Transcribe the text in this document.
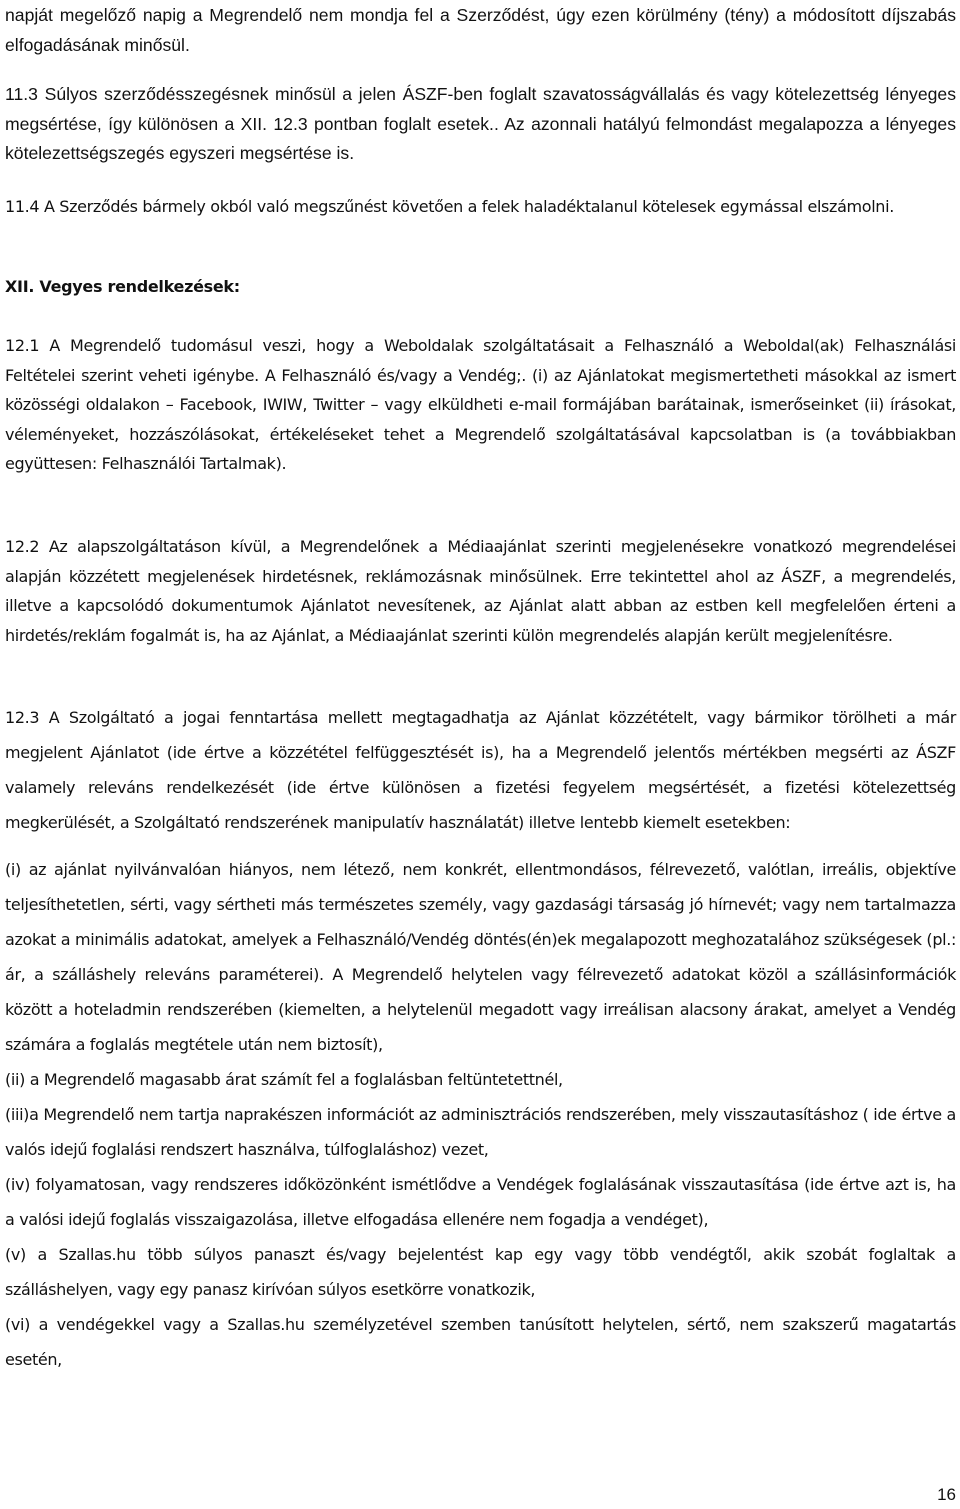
napját megelőző napig a Megrendelő nem mondja fel a Szerződést, úgy ezen körülmény (tény) a módosított díjszabás elfogadásának minősül.

11.3 Súlyos szerződésszegésnek minősül a jelen ÁSZF-ben foglalt szavatosságvállalás és vagy kötelezettség lényeges megsértése, így különösen a XII. 12.3 pontban foglalt esetek.. Az azonnali hatályú felmondást megalapozza a lényeges kötelezettségszegés egyszeri megsértése is.

11.4 A Szerződés bármely okból való megszűnést követően a felek haladéktalanul kötelesek egymással elszámolni.

XII. Vegyes rendelkezések:

12.1 A Megrendelő tudomásul veszi, hogy a Weboldalak szolgáltatásait a Felhasználó a Weboldal(ak) Felhasználási Feltételei szerint veheti igénybe. A Felhasználó és/vagy a Vendég;. (i) az Ajánlatokat megismertetheti másokkal az ismert közösségi oldalakon – Facebook, IWIW, Twitter – vagy elküldheti e-mail formájában barátainak, ismerőseinket (ii) írásokat, véleményeket, hozzászólásokat, értékeléseket tehet a Megrendelő szolgáltatásával kapcsolatban is (a továbbiakban együttesen: Felhasználói Tartalmak).

12.2 Az alapszolgáltatáson kívül, a Megrendelőnek a Médiaajánlat szerinti megjelenésekre vonatkozó megrendelései alapján közzétett megjelenések hirdetésnek, reklámozásnak minősülnek. Erre tekintettel ahol az ÁSZF, a megrendelés, illetve a kapcsolódó dokumentumok Ajánlatot nevesítenek, az Ajánlat alatt abban az estben kell megfelelően érteni a hirdetés/reklám fogalmát is, ha az Ajánlat, a Médiaajánlat szerinti külön megrendelés alapján került megjelenítésre.

12.3 A Szolgáltató a jogai fenntartása mellett megtagadhatja az Ajánlat közzétételt, vagy bármikor törölheti a már megjelent Ajánlatot (ide értve a közzététel felfüggesztését is), ha a Megrendelő jelentős mértékben megsérti az ÁSZF valamely releváns rendelkezését (ide értve különösen a fizetési fegyelem megsértését, a fizetési kötelezettség megkerülését, a Szolgáltató rendszerének manipulatív használatát) illetve lentebb kiemelt esetekben:

(i) az ajánlat nyilvánvalóan hiányos, nem létező, nem konkrét, ellentmondásos, félrevezető, valótlan, irreális, objektíve teljesíthetetlen, sérti, vagy sértheti más természetes személy, vagy gazdasági társaság jó hírnevét; vagy nem tartalmazza azokat a minimális adatokat, amelyek a Felhasználó/Vendég döntés(én)ek megalapozott meghozatalához szükségesek (pl.: ár, a szálláshely releváns paraméterei). A Megrendelő helytelen vagy félrevezető adatokat közöl a szállásinformációk között a hoteladmin rendszerében (kiemelten, a helytelenül megadott vagy irreálisan alacsony árakat, amelyet a Vendég számára a foglalás megtétele után nem biztosít),

(ii) a Megrendelő magasabb árat számít fel a foglalásban feltüntetettnél,

(iii)a Megrendelő nem tartja naprakészen információt az adminisztrációs rendszerében, mely visszautasításhoz ( ide értve a valós idejű foglalási rendszert használva, túlfoglaláshoz) vezet,

(iv) folyamatosan, vagy rendszeres időközönként ismétlődve a Vendégek foglalásának visszautasítása (ide értve azt is, ha a valósi idejű foglalás visszaigazolása, illetve elfogadása ellenére nem fogadja a vendéget),

(v) a Szallas.hu több súlyos panaszt és/vagy bejelentést kap egy vagy több vendégtől, akik szobát foglaltak a szálláshelyen, vagy egy panasz kirívóan súlyos esetkörre vonatkozik,

(vi) a vendégekkel vagy a Szallas.hu személyzetével szemben tanúsított helytelen, sértő, nem szakszerű magatartás esetén,

16
